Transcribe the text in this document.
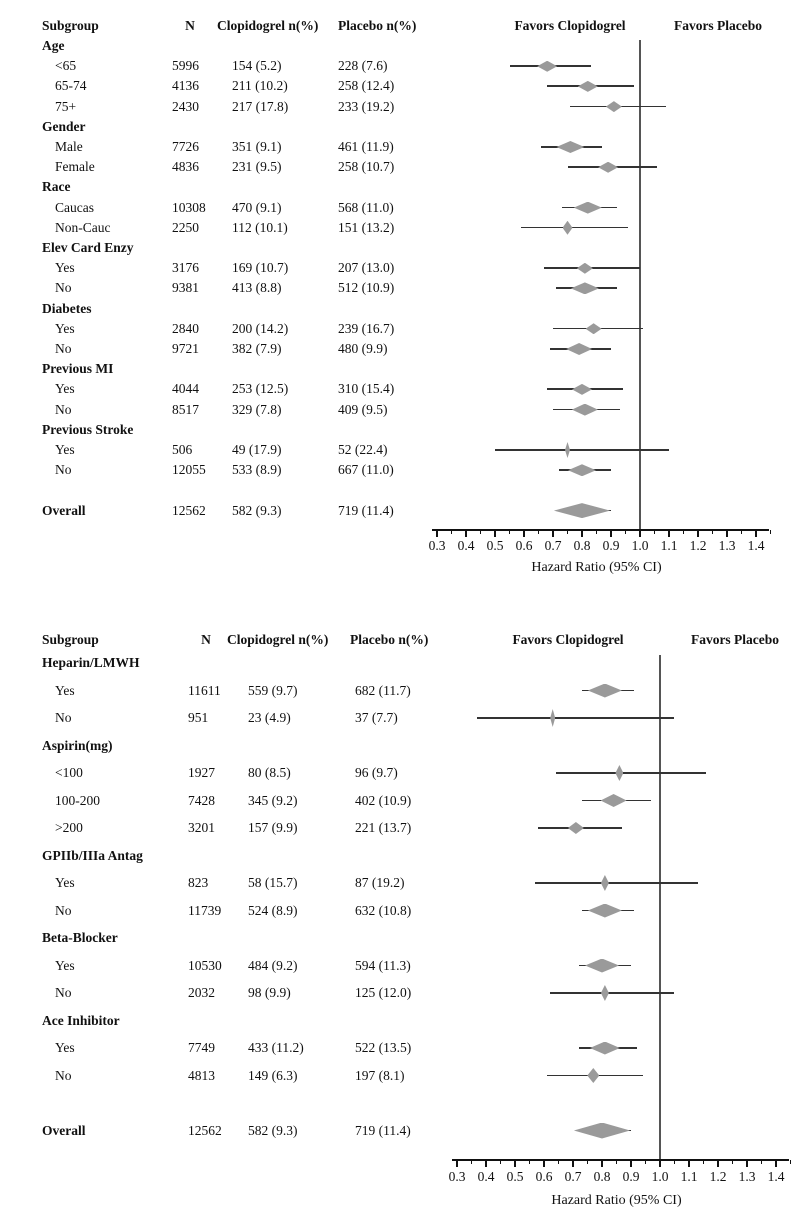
Subgroup	N Clopidogrel n(%) Placebo n(%)	Favors Clopidogrel	Favors Placebo
Age
<65	5996 154 (5.2)	228 (7.6)
65-74	4136 211 (10.2)	258 (12.4)
75+	2430 217 (17.8)	233 (19.2)
Gender
Male	7726 351 (9.1)	461 (11.9)
Female	4836 231 (9.5)	258 (10.7)
Race
Caucas	10308 470 (9.1)	568 (11.0)
Non-Cauc	2250 112 (10.1)	151 (13.2)
Elev Card Enzy
Yes	3176 169 (10.7)	207 (13.0)
No	9381 413 (8.8)	512 (10.9)
Diabetes
Yes	2840 200 (14.2)	239 (16.7)
No	9721 382 (7.9)	480 (9.9)
Previous MI
Yes	4044 253 (12.5)	310 (15.4)
No	8517 329 (7.8)	409 (9.5)
Previous Stroke
Yes	506	49 (17.9)	52 (22.4)
No	12055 533 (8.9)	667 (11.0)
Overall	12562 582 (9.3)	719 (11.4)
0.3 0.4 0.5 0.6 0.7 0.8 0.9 1.0 1.1 1.2 1.3 1.4
Hazard Ratio (95% CI)
Subgroup	N Clopidogrel n(%) Placebo n(%)	Favors Clopidogrel	Favors Placebo
Heparin/LMWH
Yes	11611 559 (9.7)	682 (11.7)
No	951	23 (4.9)	37 (7.7)
Aspirin(mg)
<100	1927 80 (8.5)	96 (9.7)
100-200	7428 345 (9.2)	402 (10.9)
>200	3201 157 (9.9)	221 (13.7)
GPIIb/IIIa Antag
Yes	823	58 (15.7)	87 (19.2)
No	11739 524 (8.9)	632 (10.8)
Beta-Blocker
Yes	10530 484 (9.2)	594 (11.3)
No	2032 98 (9.9)	125 (12.0)
Ace Inhibitor
Yes	7749 433 (11.2)	522 (13.5)
No	4813 149 (6.3)	197 (8.1)
Overall	12562 582 (9.3)	719 (11.4)
0.3 0.4 0.5 0.6 0.7 0.8 0.9 1.0 1.1 1.2 1.3 1.4
Hazard Ratio (95% CI)
